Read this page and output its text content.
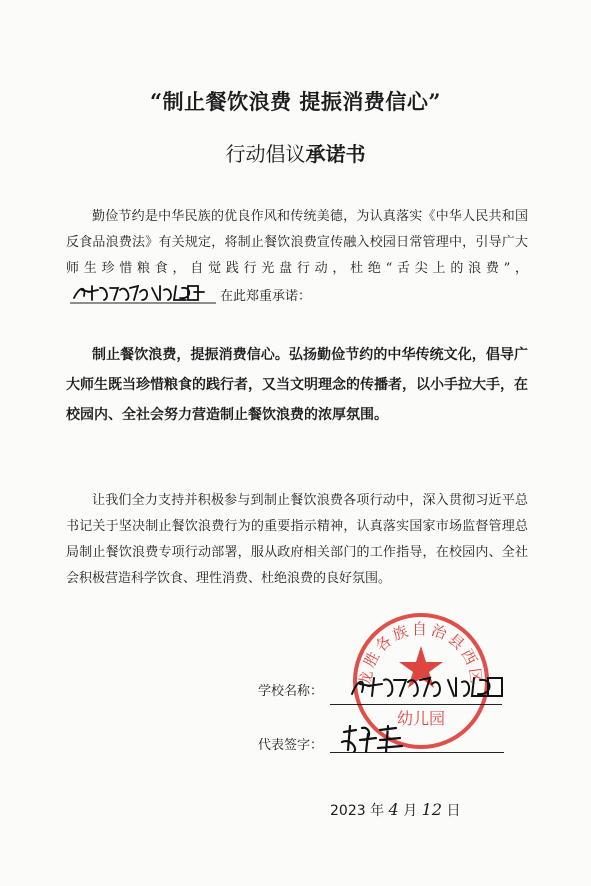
“制止餐饮浪费 提振消费信心”
行动倡议承诺书
勤俭节约是中华民族的优良作风和传统美德，为认真落实《中华人民共和国反食品浪费法》有关规定，将制止餐饮浪费宣传融入校园日常管理中，引导广大师生珍惜粮食，自觉践行光盘行动，杜绝“舌尖上的浪费”，在此郑重承诺：
制止餐饮浪费，提振消费信心。弘扬勤俭节约的中华传统文化，倡导广大师生既当珍惜粮食的践行者，又当文明理念的传播者，以小手拉大手，在校园内、全社会努力营造制止餐饮浪费的浓厚氛围。
让我们全力支持并积极参与到制止餐饮浪费各项行动中，深入贯彻习近平总书记关于坚决制止餐饮浪费行为的重要指示精神，认真落实国家市场监督管理总局制止餐饮浪费专项行动部署，服从政府相关部门的工作指导，在校园内、全社会积极营造科学饮食、理性消费、杜绝浪费的良好氛围。
龙胜各族自治县西区
幼儿园
学校名称：
代表签字：
2023 年 4 月 12 日
